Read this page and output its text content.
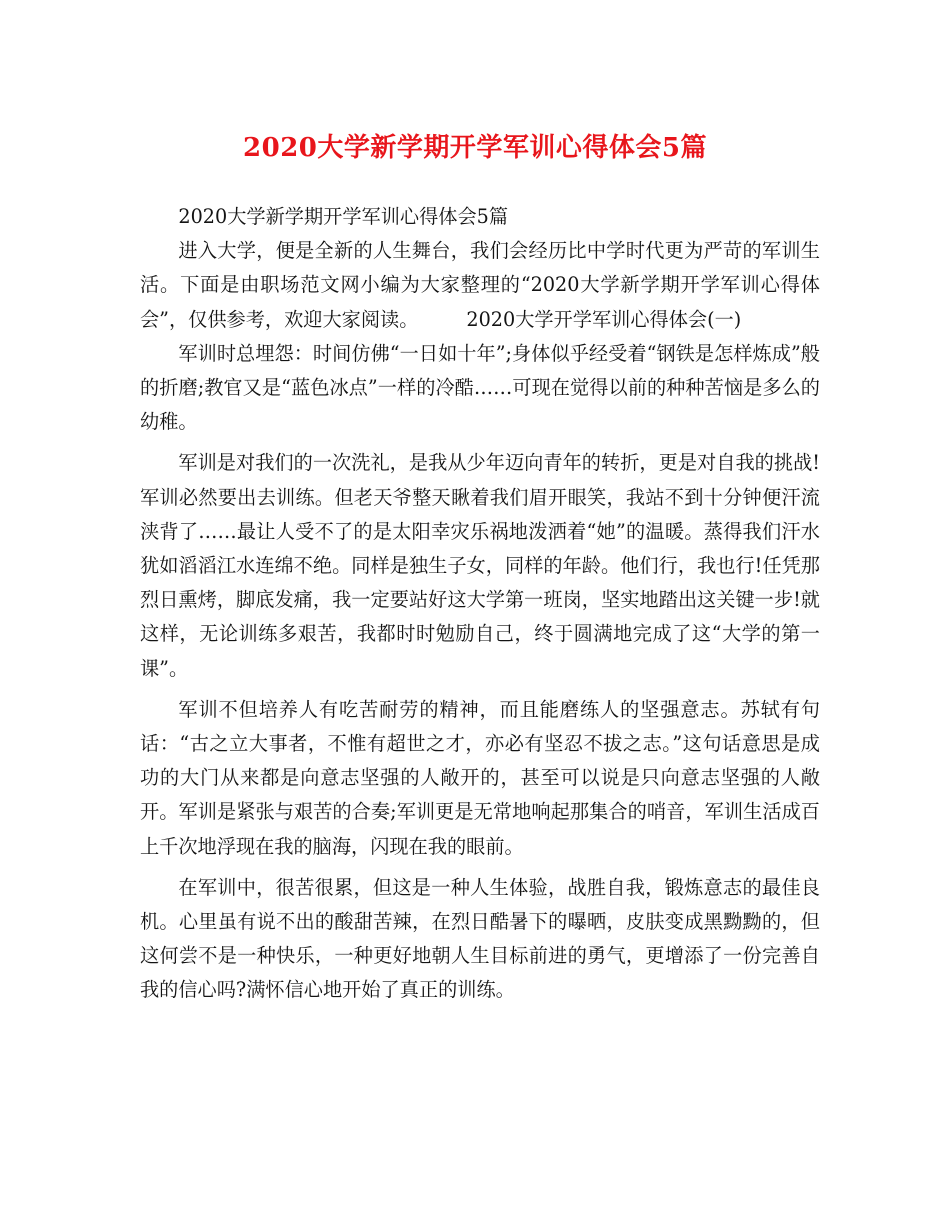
2020大学新学期开学军训心得体会5篇

2020大学新学期开学军训心得体会5篇

进入大学，便是全新的人生舞台，我们会经历比中学时代更为严苛的军训生活。下面是由职场范文网小编为大家整理的“2020大学新学期开学军训心得体会”，仅供参考，欢迎大家阅读。　　　2020大学开学军训心得体会(一)

军训时总埋怨：时间仿佛“一日如十年”;身体似乎经受着“钢铁是怎样炼成”般的折磨;教官又是“蓝色冰点”一样的冷酷……可现在觉得以前的种种苦恼是多么的幼稚。

军训是对我们的一次洗礼，是我从少年迈向青年的转折，更是对自我的挑战!军训必然要出去训练。但老天爷整天瞅着我们眉开眼笑，我站不到十分钟便汗流浃背了……最让人受不了的是太阳幸灾乐祸地泼洒着“她”的温暖。蒸得我们汗水犹如滔滔江水连绵不绝。同样是独生子女，同样的年龄。他们行，我也行!任凭那烈日熏烤，脚底发痛，我一定要站好这大学第一班岗，坚实地踏出这关键一步!就这样，无论训练多艰苦，我都时时勉励自己，终于圆满地完成了这“大学的第一课”。

军训不但培养人有吃苦耐劳的精神，而且能磨练人的坚强意志。苏轼有句话：“古之立大事者，不惟有超世之才，亦必有坚忍不拔之志。”这句话意思是成功的大门从来都是向意志坚强的人敞开的，甚至可以说是只向意志坚强的人敞开。军训是紧张与艰苦的合奏;军训更是无常地响起那集合的哨音，军训生活成百上千次地浮现在我的脑海，闪现在我的眼前。

在军训中，很苦很累，但这是一种人生体验，战胜自我，锻炼意志的最佳良机。心里虽有说不出的酸甜苦辣，在烈日酷暑下的曝晒，皮肤变成黑黝黝的，但这何尝不是一种快乐，一种更好地朝人生目标前进的勇气，更增添了一份完善自我的信心吗?满怀信心地开始了真正的训练。
